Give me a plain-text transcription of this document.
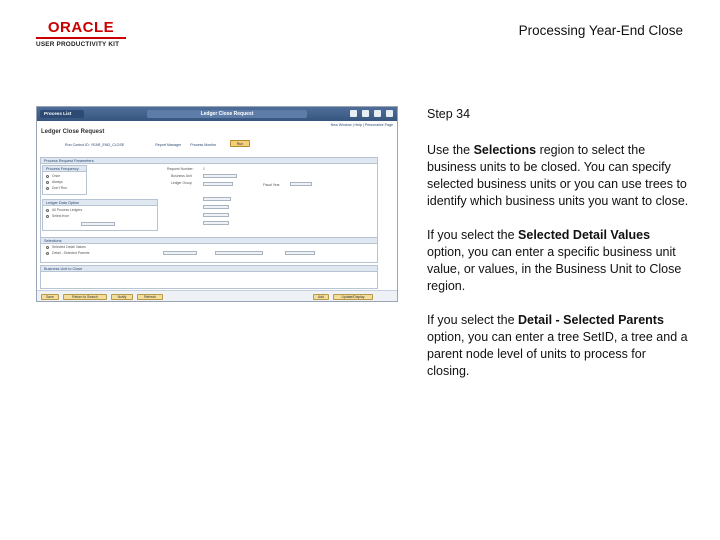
ORACLE
USER PRODUCTIVITY KIT
Processing Year-End Close
Process List	Ledger Close Request
New Window | Help | Personalize Page
Ledger Close Request
Run Control ID: YEAR_END_CLOSE	Report Manager	Process Monitor	Run
Process Request Parameters
Process Frequency
Once
Always
Don't Run
Request Number:	1
Business Unit
Ledger Group	Fiscal Year
Ledger Data Option
All Process Ledgers
Select from
Selections
Selected Detail Values
Detail - Selected Parents
Business Unit to Close
Save	Return to Search	Notify	Refresh	Add	Update/Display
Step 34

Use the Selections region to select the business units to be closed. You can specify selected business units or you can use trees to identify which business units you want to close.

If you select the Selected Detail Values option, you can enter a specific business unit value, or values, in the Business Unit to Close region.

If you select the Detail - Selected Parents option, you can enter a tree SetID, a tree and a parent node level of units to process for closing.
